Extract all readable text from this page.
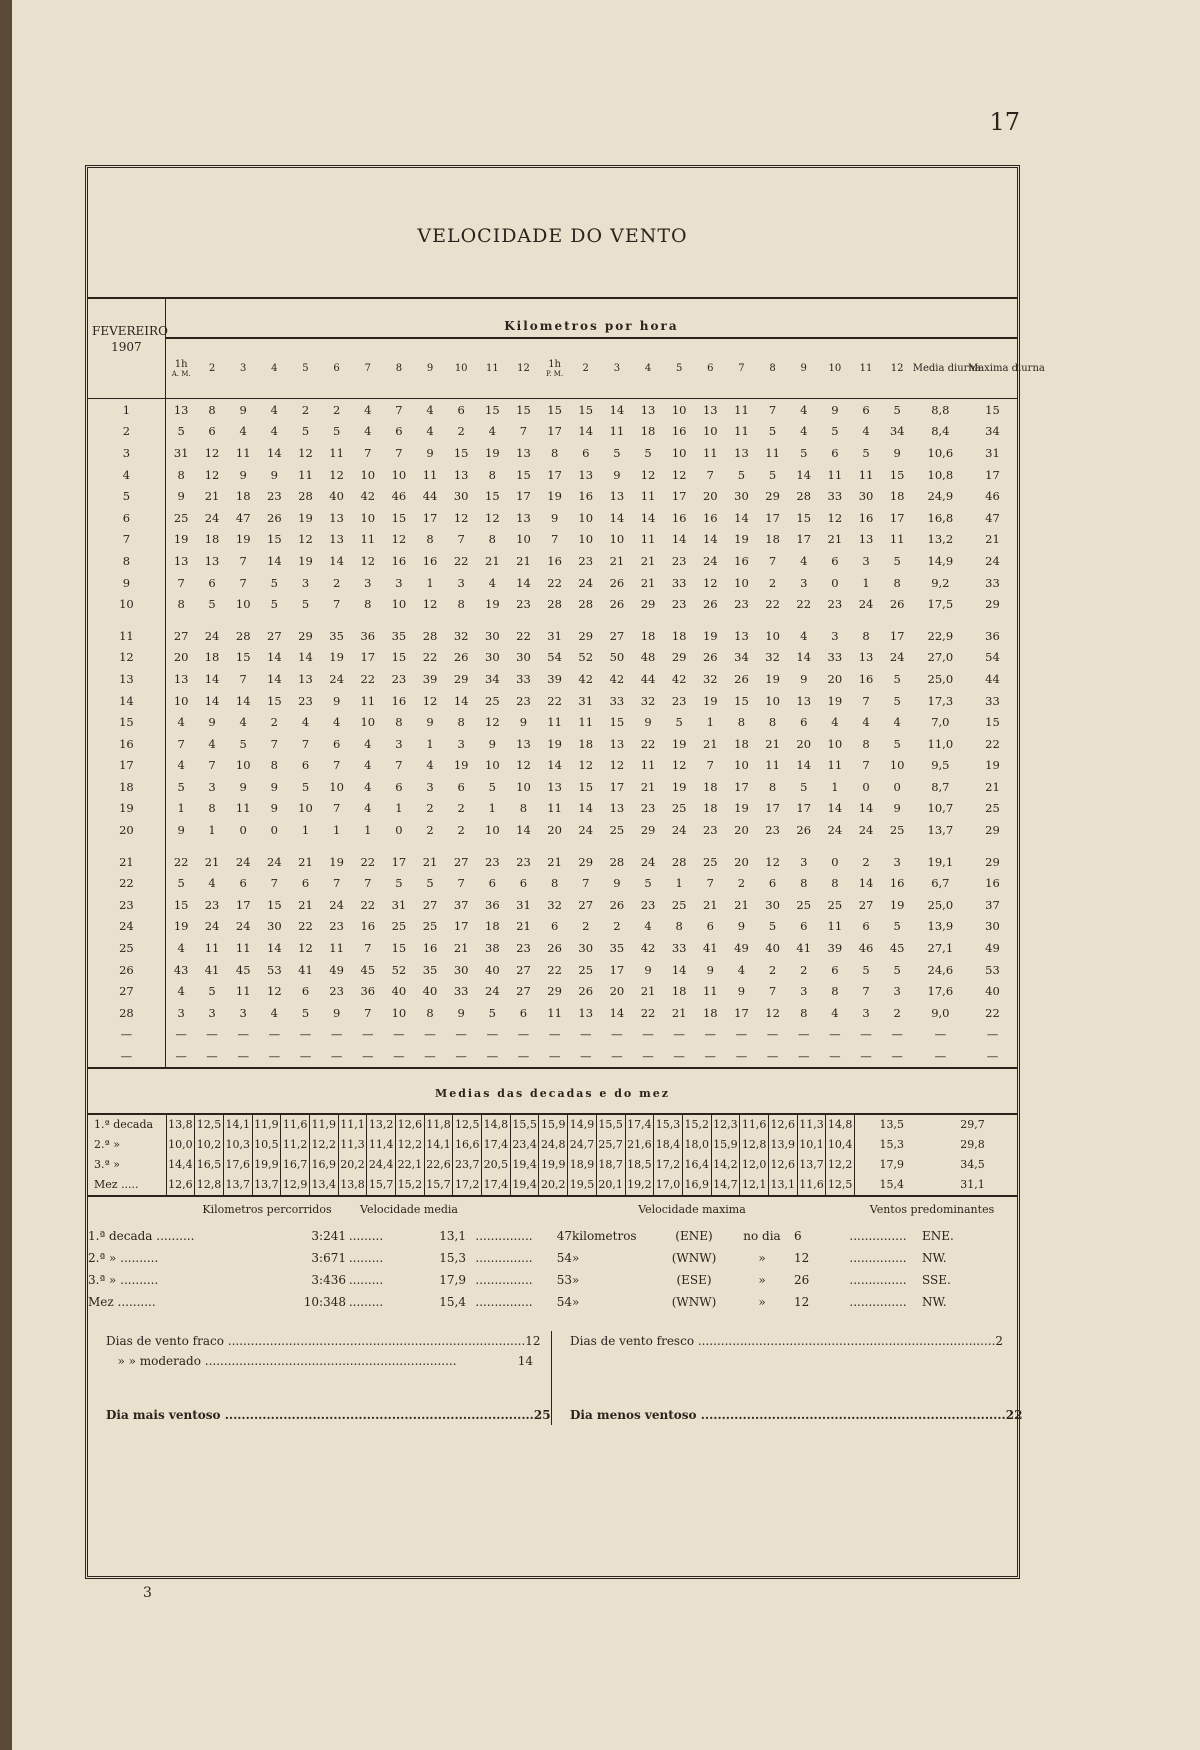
17
VELOCIDADE DO VENTO
FEVEREIRO	Kilometros por hora																									
1907	1h
A. M.	2	3	4	5	6	7	8	9	10	11	12	1h
P. M.	2	3	4	5	6	7	8	9	10	11	12	Media diurna	Maxima diurna
1	13	8	9	4	2	2	4	7	4	6	15	15	15	15	14	13	10	13	11	7	4	9	6	5	8,8	15
2	5	6	4	4	5	5	4	6	4	2	4	7	17	14	11	18	16	10	11	5	4	5	4	34	8,4	34
3	31	12	11	14	12	11	7	7	9	15	19	13	8	6	5	5	10	11	13	11	5	6	5	9	10,6	31
4	8	12	9	9	11	12	10	10	11	13	8	15	17	13	9	12	12	7	5	5	14	11	11	15	10,8	17
5	9	21	18	23	28	40	42	46	44	30	15	17	19	16	13	11	17	20	30	29	28	33	30	18	24,9	46
6	25	24	47	26	19	13	10	15	17	12	12	13	9	10	14	14	16	16	14	17	15	12	16	17	16,8	47
7	19	18	19	15	12	13	11	12	8	7	8	10	7	10	10	11	14	14	19	18	17	21	13	11	13,2	21
8	13	13	7	14	19	14	12	16	16	22	21	21	16	23	21	21	23	24	16	7	4	6	3	5	14,9	24
9	7	6	7	5	3	2	3	3	1	3	4	14	22	24	26	21	33	12	10	2	3	0	1	8	9,2	33
10	8	5	10	5	5	7	8	10	12	8	19	23	28	28	26	29	23	26	23	22	22	23	24	26	17,5	29

11	27	24	28	27	29	35	36	35	28	32	30	22	31	29	27	18	18	19	13	10	4	3	8	17	22,9	36
12	20	18	15	14	14	19	17	15	22	26	30	30	54	52	50	48	29	26	34	32	14	33	13	24	27,0	54
13	13	14	7	14	13	24	22	23	39	29	34	33	39	42	42	44	42	32	26	19	9	20	16	5	25,0	44
14	10	14	14	15	23	9	11	16	12	14	25	23	22	31	33	32	23	19	15	10	13	19	7	5	17,3	33
15	4	9	4	2	4	4	10	8	9	8	12	9	11	11	15	9	5	1	8	8	6	4	4	4	7,0	15
16	7	4	5	7	7	6	4	3	1	3	9	13	19	18	13	22	19	21	18	21	20	10	8	5	11,0	22
17	4	7	10	8	6	7	4	7	4	19	10	12	14	12	12	11	12	7	10	11	14	11	7	10	9,5	19
18	5	3	9	9	5	10	4	6	3	6	5	10	13	15	17	21	19	18	17	8	5	1	0	0	8,7	21
19	1	8	11	9	10	7	4	1	2	2	1	8	11	14	13	23	25	18	19	17	17	14	14	9	10,7	25
20	9	1	0	0	1	1	1	0	2	2	10	14	20	24	25	29	24	23	20	23	26	24	24	25	13,7	29

21	22	21	24	24	21	19	22	17	21	27	23	23	21	29	28	24	28	25	20	12	3	0	2	3	19,1	29
22	5	4	6	7	6	7	7	5	5	7	6	6	8	7	9	5	1	7	2	6	8	8	14	16	6,7	16
23	15	23	17	15	21	24	22	31	27	37	36	31	32	27	26	23	25	21	21	30	25	25	27	19	25,0	37
24	19	24	24	30	22	23	16	25	25	17	18	21	6	2	2	4	8	6	9	5	6	11	6	5	13,9	30
25	4	11	11	14	12	11	7	15	16	21	38	23	26	30	35	42	33	41	49	40	41	39	46	45	27,1	49
26	43	41	45	53	41	49	45	52	35	30	40	27	22	25	17	9	14	9	4	2	2	6	5	5	24,6	53
27	4	5	11	12	6	23	36	40	40	33	24	27	29	26	20	21	18	11	9	7	3	8	7	3	17,6	40
28	3	3	3	4	5	9	7	10	8	9	5	6	11	13	14	22	21	18	17	12	8	4	3	2	9,0	22
—	—	—	—	—	—	—	—	—	—	—	—	—	—	—	—	—	—	—	—	—	—	—	—	—	—	—
—	—	—	—	—	—	—	—	—	—	—	—	—	—	—	—	—	—	—	—	—	—	—	—	—	—	—

Medias das decadas e do mez
1.ª decada	13,8	12,5	14,1	11,9	11,6	11,9	11,1	13,2	12,6	11,8	12,5	14,8	15,5	15,9	14,9	15,5	17,4	15,3	15,2	12,3	11,6	12,6	11,3	14,8	13,5	29,7
2.ª »	10,0	10,2	10,3	10,5	11,2	12,2	11,3	11,4	12,2	14,1	16,6	17,4	23,4	24,8	24,7	25,7	21,6	18,4	18,0	15,9	12,8	13,9	10,1	10,4	15,3	29,8
3.ª »	14,4	16,5	17,6	19,9	16,7	16,9	20,2	24,4	22,1	22,6	23,7	20,5	19,4	19,9	18,9	18,7	18,5	17,2	16,4	14,2	12,0	12,6	13,7	12,2	17,9	34,5
Mez .....	12,6	12,8	13,7	13,7	12,9	13,4	13,8	15,7	15,2	15,7	17,2	17,4	19,4	20,2	19,5	20,1	19,2	17,0	16,9	14,7	12,1	13,1	11,6	12,5	15,4	31,1
Kilometros percorridos	Velocidade media	Velocidade maxima	Ventos predominantes
1.ª decada ..........	3:241 .........	13,1 ...............	47 kilometros	(ENE)	no dia	6	...............	ENE.
2.ª » ..........	3:671 .........	15,3 ...............	54 »	(WNW)	»	12	...............	NW.
3.ª » ..........	3:436 .........	17,9 ...............	53 »	(ESE)	»	26	...............	SSE.
Mez ..........	10:348 .........	15,4 ...............	54 »	(WNW)	»	12	...............	NW.
Dias de vento fraco .............................................................................. 12
» » moderado ..................................................................	14
Dia mais ventoso .......................................................................... 25
Dias de vento fresco .............................................................................. 2
Dia menos ventoso ......................................................................... 22
3
